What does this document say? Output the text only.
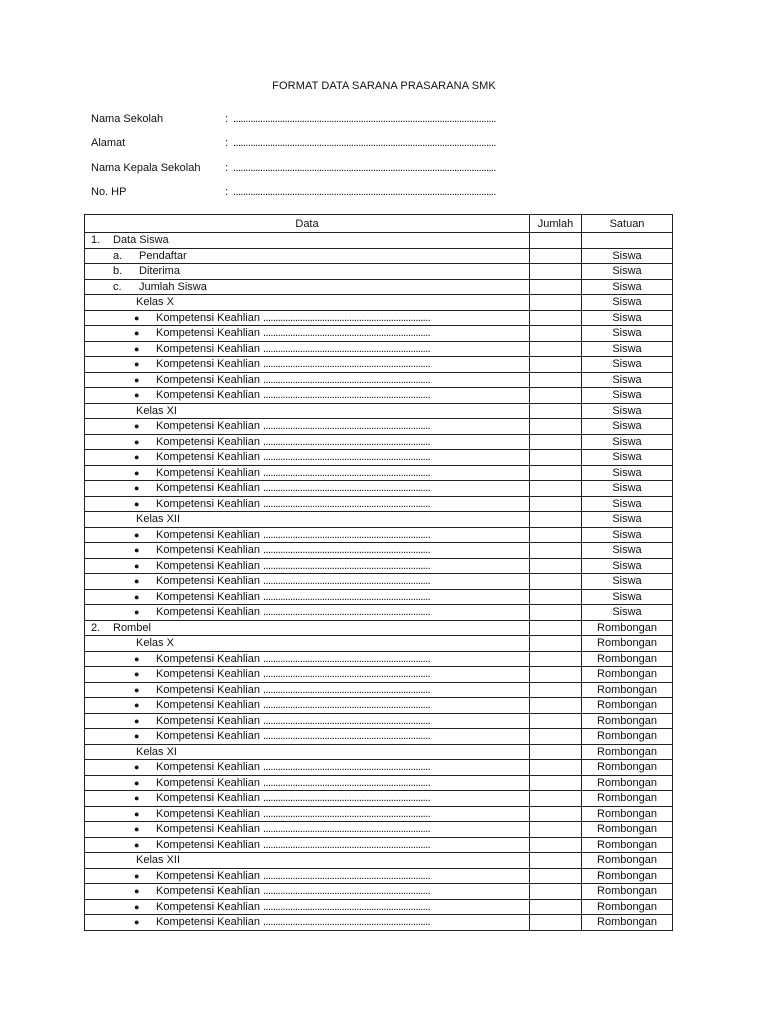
FORMAT DATA SARANA PRASARANA SMK
Nama Sekolah	: ...........................................................................................................
Alamat	: ...........................................................................................................
Nama Kepala Sekolah : ...........................................................................................................
No. HP	: ...........................................................................................................
Data	Jumlah	Satuan

1. Data Siswa		

a. Pendaftar		Siswa

b. Diterima		Siswa

c. Jumlah Siswa		Siswa

Kelas X		Siswa

● Kompetensi Keahlian
....................................................................		Siswa

● Kompetensi Keahlian
....................................................................		Siswa

● Kompetensi Keahlian
....................................................................		Siswa

● Kompetensi Keahlian
....................................................................		Siswa

● Kompetensi Keahlian
....................................................................		Siswa

● Kompetensi Keahlian
....................................................................		Siswa

Kelas XI		Siswa

● Kompetensi Keahlian
....................................................................		Siswa

● Kompetensi Keahlian
....................................................................		Siswa

● Kompetensi Keahlian
....................................................................		Siswa

● Kompetensi Keahlian
....................................................................		Siswa

● Kompetensi Keahlian
....................................................................		Siswa

● Kompetensi Keahlian
....................................................................		Siswa

Kelas XII		Siswa

● Kompetensi Keahlian
....................................................................		Siswa

● Kompetensi Keahlian
....................................................................		Siswa

● Kompetensi Keahlian
....................................................................		Siswa

● Kompetensi Keahlian
....................................................................		Siswa

● Kompetensi Keahlian
....................................................................		Siswa

● Kompetensi Keahlian
....................................................................		Siswa

2. Rombel		Rombongan

Kelas X		Rombongan

● Kompetensi Keahlian
....................................................................		Rombongan

● Kompetensi Keahlian
....................................................................		Rombongan

● Kompetensi Keahlian
....................................................................		Rombongan

● Kompetensi Keahlian
....................................................................		Rombongan

● Kompetensi Keahlian
....................................................................		Rombongan

● Kompetensi Keahlian
....................................................................		Rombongan

Kelas XI		Rombongan

● Kompetensi Keahlian
....................................................................		Rombongan

● Kompetensi Keahlian
....................................................................		Rombongan

● Kompetensi Keahlian
....................................................................		Rombongan

● Kompetensi Keahlian
....................................................................		Rombongan

● Kompetensi Keahlian
....................................................................		Rombongan

● Kompetensi Keahlian
....................................................................		Rombongan

Kelas XII		Rombongan

● Kompetensi Keahlian
....................................................................		Rombongan

● Kompetensi Keahlian
....................................................................		Rombongan

● Kompetensi Keahlian
....................................................................		Rombongan

● Kompetensi Keahlian
....................................................................		Rombongan
